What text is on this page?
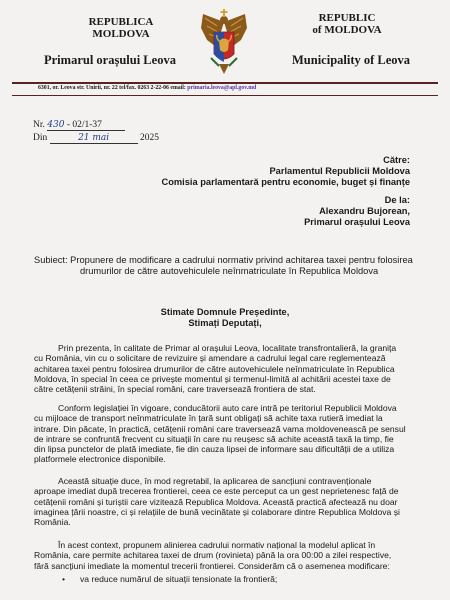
REPUBLICA
MOLDOVA
Primarul orașului Leova
REPUBLIC
of MOLDOVA
Municipality of Leova
6301, or. Leova str. Unirii, nr. 22 tel/fax. 0263 2-22-06 email: primaria.leova@apl.gov.md
Nr. 430 - 02/1-37
Din	21 mai	2025
Către:
Parlamentul Republicii Moldova
Comisia parlamentară pentru economie, buget și finanțe
De la:
Alexandru Bujorean,
Primarul orașului Leova
Subiect: Propunere de modificare a cadrului normativ privind achitarea taxei pentru folosirea
drumurilor de către autovehiculele neînmatriculate în Republica Moldova
Stimate Domnule Președinte,
Stimați Deputați,
Prin prezenta, în calitate de Primar al orașului Leova, localitate transfrontalieră, la granița
cu România, vin cu o solicitare de revizuire și amendare a cadrului legal care reglementează
achitarea taxei pentru folosirea drumurilor de către autovehiculele neînmatriculate în Republica
Moldova, în special în ceea ce privește momentul și termenul-limită al achitării acestei taxe de
către cetățenii străini, în special români, care traversează frontiera de stat.
Conform legislației în vigoare, conducătorii auto care intră pe teritoriul Republicii Moldova
cu mijloace de transport neînmatriculate în țară sunt obligați să achite taxa rutieră imediat la
intrare. Din păcate, în practică, cetățenii români care traversează vama moldovenească pe sensul
de intrare se confruntă frecvent cu situații în care nu reușesc să achite această taxă la timp, fie
din lipsa punctelor de plată imediate, fie din cauza lipsei de informare sau dificultății de a utiliza
platformele electronice disponibile.
Această situație duce, în mod regretabil, la aplicarea de sancțiuni contravenționale
aproape imediat după trecerea frontierei, ceea ce este perceput ca un gest neprietenesc față de
cetățenii români și turiștii care vizitează Republica Moldova. Această practică afectează nu doar
imaginea țării noastre, ci și relațiile de bună vecinătate și colaborare dintre Republica Moldova și
România.
În acest context, propunem alinierea cadrului normativ național la modelul aplicat în
România, care permite achitarea taxei de drum (rovinieta) până la ora 00:00 a zilei respective,
fără sancțiuni imediate la momentul trecerii frontierei. Considerăm că o asemenea modificare:
• va reduce numărul de situații tensionate la frontieră;
